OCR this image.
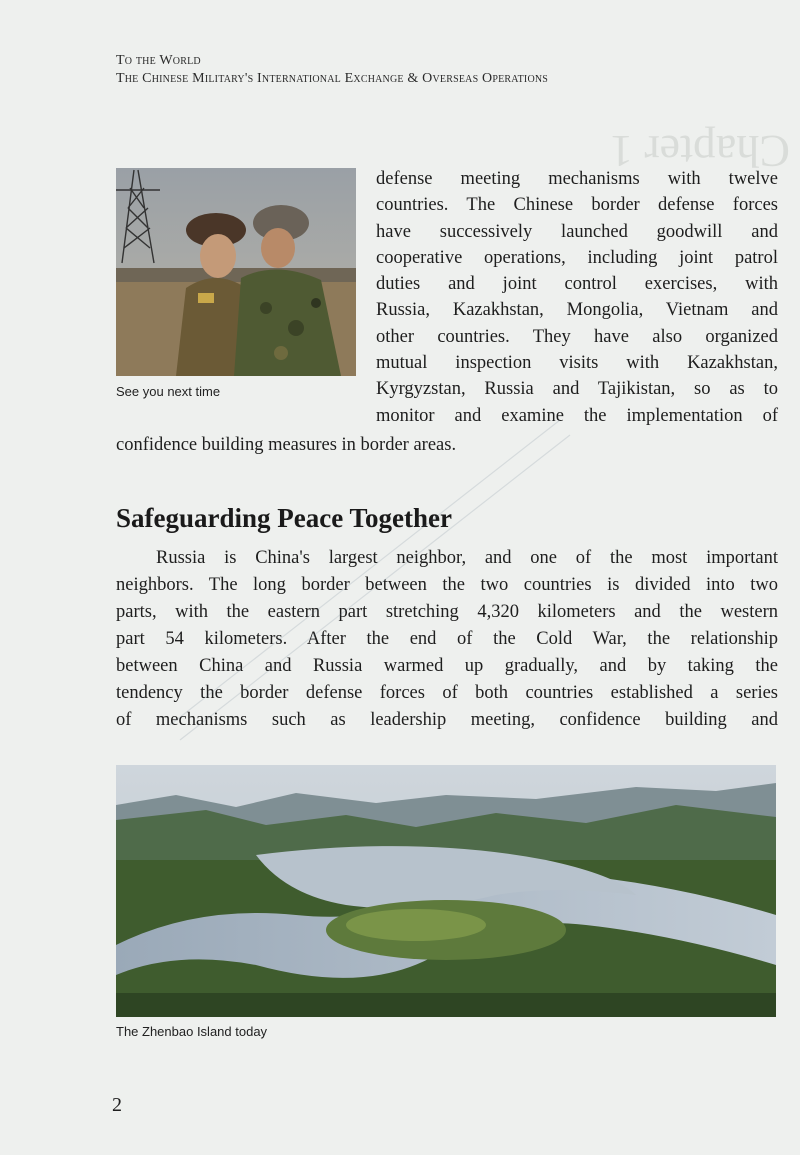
To the World
The Chinese Military's International Exchange & Overseas Operations
Chapter 1
See you next time
defense meeting mechanisms with twelve
countries. The Chinese border defense forces
have successively launched goodwill and
cooperative operations, including joint patrol
duties and joint control exercises, with
Russia, Kazakhstan, Mongolia, Vietnam and
other countries. They have also organized
mutual inspection visits with Kazakhstan,
Kyrgyzstan, Russia and Tajikistan, so as to
monitor and examine the implementation of
confidence building measures in border areas.
Safeguarding Peace Together
Russia is China's largest neighbor, and one of the most important
neighbors. The long border between the two countries is divided into two
parts, with the eastern part stretching 4,320 kilometers and the western
part 54 kilometers. After the end of the Cold War, the relationship
between China and Russia warmed up gradually, and by taking the
tendency the border defense forces of both countries established a series
of mechanisms such as leadership meeting, confidence building and
The Zhenbao Island today
2
